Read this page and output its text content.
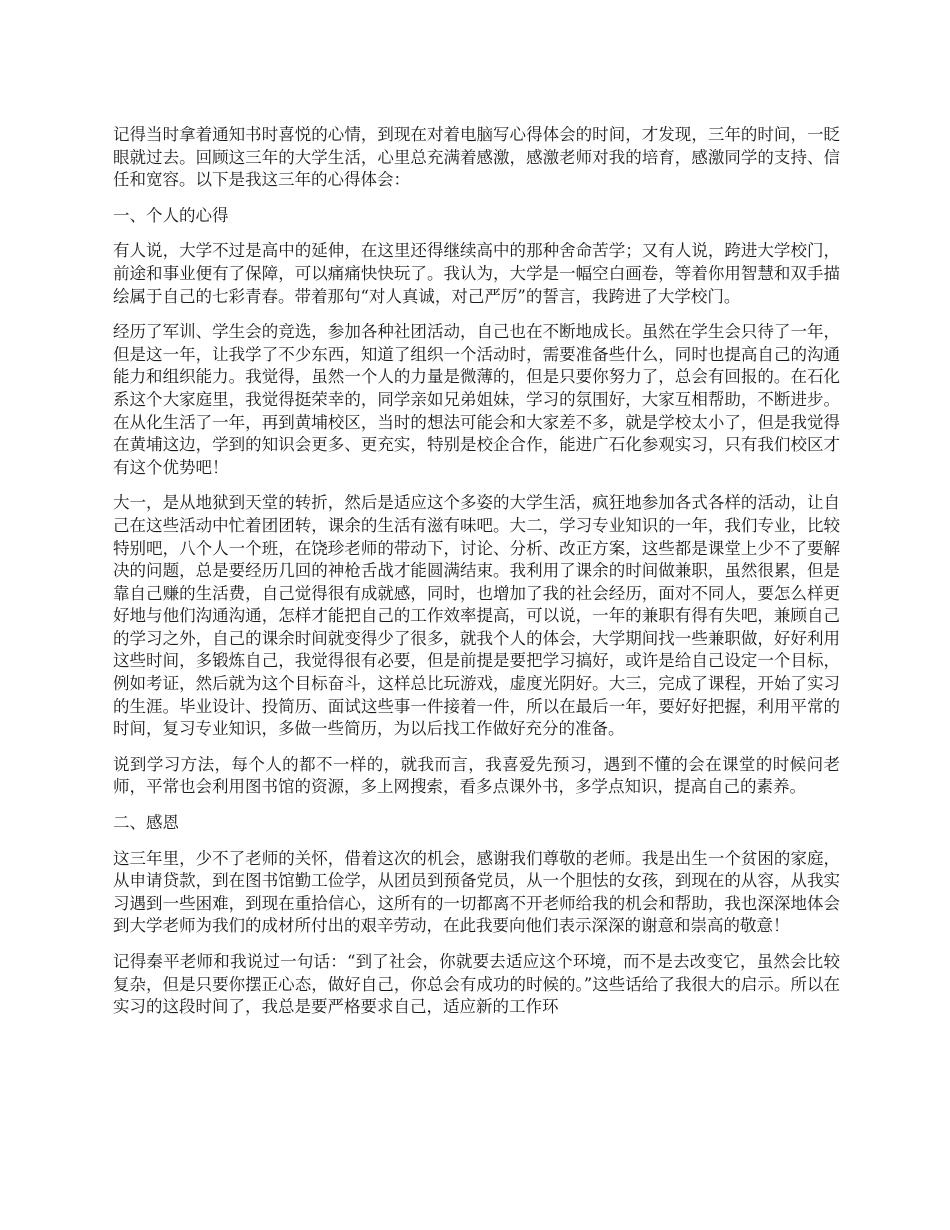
记得当时拿着通知书时喜悦的心情，到现在对着电脑写心得体会的时间，才发现，三年的时间，一眨眼就过去。回顾这三年的大学生活，心里总充满着感激，感激老师对我的培育，感激同学的支持、信任和宽容。以下是我这三年的心得体会：

一、个人的心得

有人说，大学不过是高中的延伸，在这里还得继续高中的那种舍命苦学；又有人说，跨进大学校门，前途和事业便有了保障，可以痛痛快快玩了。我认为，大学是一幅空白画卷，等着你用智慧和双手描绘属于自己的七彩青春。带着那句“对人真诚，对己严厉”的誓言，我跨进了大学校门。

经历了军训、学生会的竞选，参加各种社团活动，自己也在不断地成长。虽然在学生会只待了一年，但是这一年，让我学了不少东西，知道了组织一个活动时，需要准备些什么，同时也提高自己的沟通能力和组织能力。我觉得，虽然一个人的力量是微薄的，但是只要你努力了，总会有回报的。在石化系这个大家庭里，我觉得挺荣幸的，同学亲如兄弟姐妹，学习的氛围好，大家互相帮助，不断进步。在从化生活了一年，再到黄埔校区，当时的想法可能会和大家差不多，就是学校太小了，但是我觉得在黄埔这边，学到的知识会更多、更充实，特别是校企合作，能进广石化参观实习，只有我们校区才有这个优势吧！

大一，是从地狱到天堂的转折，然后是适应这个多姿的大学生活，疯狂地参加各式各样的活动，让自己在这些活动中忙着团团转，课余的生活有滋有味吧。大二，学习专业知识的一年，我们专业，比较特别吧，八个人一个班，在饶珍老师的带动下，讨论、分析、改正方案，这些都是课堂上少不了要解决的问题，总是要经历几回的神枪舌战才能圆满结束。我利用了课余的时间做兼职，虽然很累，但是靠自己赚的生活费，自己觉得很有成就感，同时，也增加了我的社会经历，面对不同人，要怎么样更好地与他们沟通沟通，怎样才能把自己的工作效率提高，可以说，一年的兼职有得有失吧，兼顾自己的学习之外，自己的课余时间就变得少了很多，就我个人的体会，大学期间找一些兼职做，好好利用这些时间，多锻炼自己，我觉得很有必要，但是前提是要把学习搞好，或许是给自己设定一个目标，例如考证，然后就为这个目标奋斗，这样总比玩游戏，虚度光阴好。大三，完成了课程，开始了实习的生涯。毕业设计、投简历、面试这些事一件接着一件，所以在最后一年，要好好把握，利用平常的时间，复习专业知识，多做一些简历，为以后找工作做好充分的准备。

说到学习方法，每个人的都不一样的，就我而言，我喜爱先预习，遇到不懂的会在课堂的时候问老师，平常也会利用图书馆的资源，多上网搜索，看多点课外书，多学点知识，提高自己的素养。

二、感恩

这三年里，少不了老师的关怀，借着这次的机会，感谢我们尊敬的老师。我是出生一个贫困的家庭，从申请贷款，到在图书馆勤工俭学，从团员到预备党员，从一个胆怯的女孩，到现在的从容，从我实习遇到一些困难，到现在重拾信心，这所有的一切都离不开老师给我的机会和帮助，我也深深地体会到大学老师为我们的成材所付出的艰辛劳动，在此我要向他们表示深深的谢意和崇高的敬意！

记得秦平老师和我说过一句话：“到了社会，你就要去适应这个环境，而不是去改变它，虽然会比较复杂，但是只要你摆正心态，做好自己，你总会有成功的时候的。”这些话给了我很大的启示。所以在实习的这段时间了，我总是要严格要求自己，适应新的工作环
